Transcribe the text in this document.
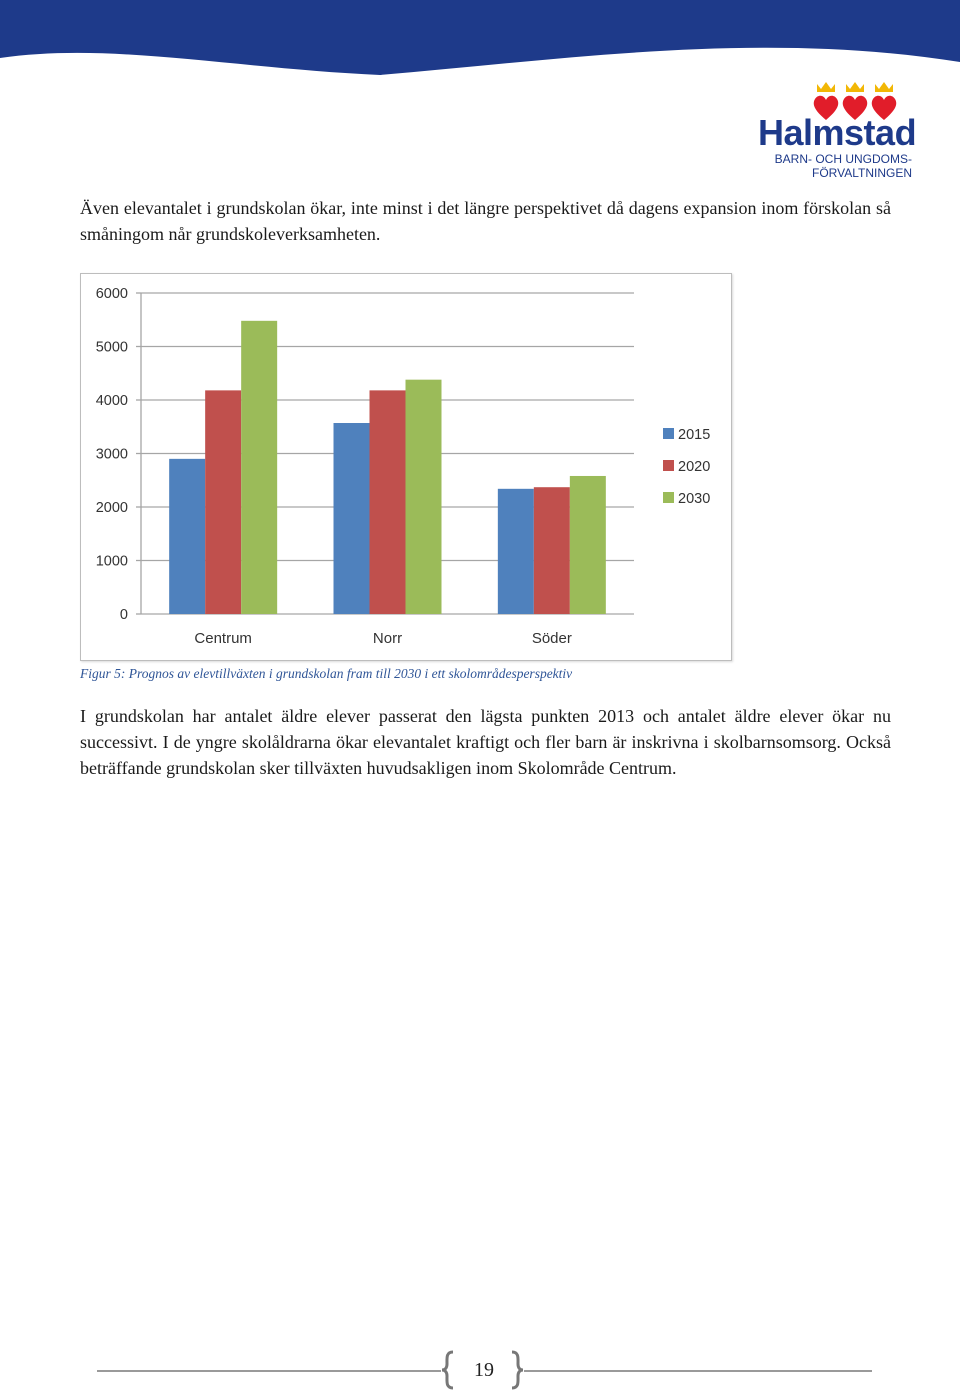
Halmstad
BARN- OCH UNGDOMS-
FÖRVALTNINGEN

Även elevantalet i grundskolan ökar, inte minst i det längre perspektivet då dagens expansion inom förskolan så småningom når grundskoleverksamheten.

0
1000
2000
3000
4000
5000
6000
Centrum	Norr	Söder
2015
2020
2030
Figur 5: Prognos av elevtillväxten i grundskolan fram till 2030 i ett skolområdesperspektiv

I grundskolan har antalet äldre elever passerat den lägsta punkten 2013 och antalet äldre elever ökar nu successivt. I de yngre skolåldrarna ökar elevantalet kraftigt och fler barn är inskrivna i skolbarnsomsorg. Också beträffande grundskolan sker tillväxten huvudsakligen inom Skolområde Centrum.

19
